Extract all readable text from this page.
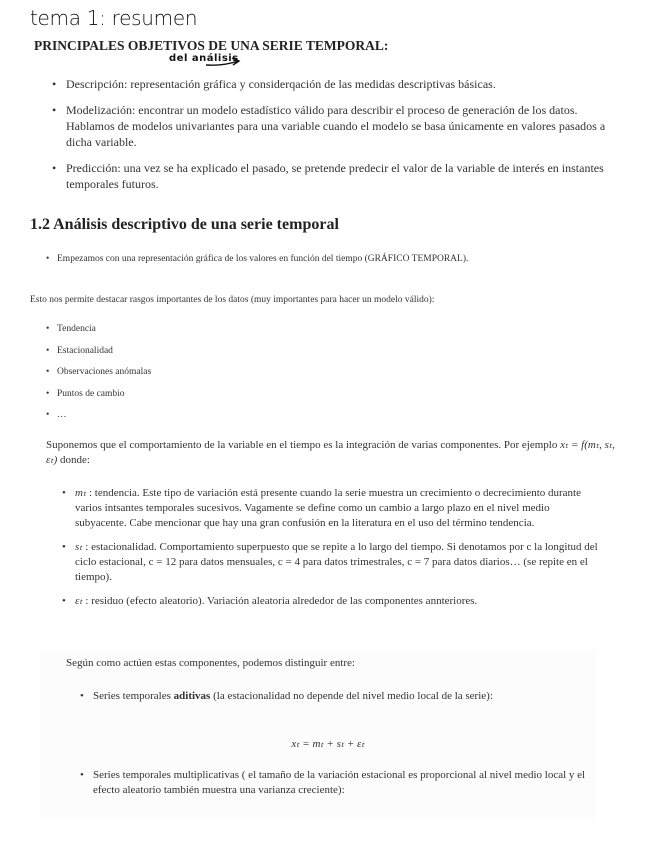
tema 1: resumen
del análisis
PRINCIPALES OBJETIVOS DE UNA SERIE TEMPORAL:
• Descripción: representación gráfica y considerqación de las medidas descriptivas básicas.
• Modelización: encontrar un modelo estadístico válido para describir el proceso de generación de los datos. Hablamos de modelos univariantes para una variable cuando el modelo se basa únicamente en valores pasados a dicha variable.
• Predicción: una vez se ha explicado el pasado, se pretende predecir el valor de la variable de interés en instantes temporales futuros.
1.2 Análisis descriptivo de una serie temporal
• Empezamos con una representación gráfica de los valores en función del tiempo (GRÁFICO TEMPORAL).
Esto nos permite destacar rasgos importantes de los datos (muy importantes para hacer un modelo válido):
• Tendencia
• Estacionalidad
• Observaciones anómalas
• Puntos de cambio
• …
Suponemos que el comportamiento de la variable en el tiempo es la integración de varias componentes. Por ejemplo xₜ = f(mₜ, sₜ, εₜ) donde:
• mₜ : tendencia. Este tipo de variación está presente cuando la serie muestra un crecimiento o decrecimiento durante varios intsantes temporales sucesivos. Vagamente se define como un cambio a largo plazo en el nivel medio subyacente. Cabe mencionar que hay una gran confusión en la literatura en el uso del término tendencia.
• sₜ : estacionalidad. Comportamiento superpuesto que se repite a lo largo del tiempo. Si denotamos por c la longitud del ciclo estacional, c = 12 para datos mensuales, c = 4 para datos trimestrales, c = 7 para datos diarios… (se repite en el tiempo).
• εₜ : residuo (efecto aleatorio). Variación aleatoria alrededor de las componentes annteriores.
Según como actúen estas componentes, podemos distinguir entre:
• Series temporales aditivas (la estacionalidad no depende del nivel medio local de la serie):
xₜ = mₜ + sₜ + εₜ
• Series temporales multiplicativas ( el tamaño de la variación estacional es proporcional al nivel medio local y el efecto aleatorio también muestra una varianza creciente):
